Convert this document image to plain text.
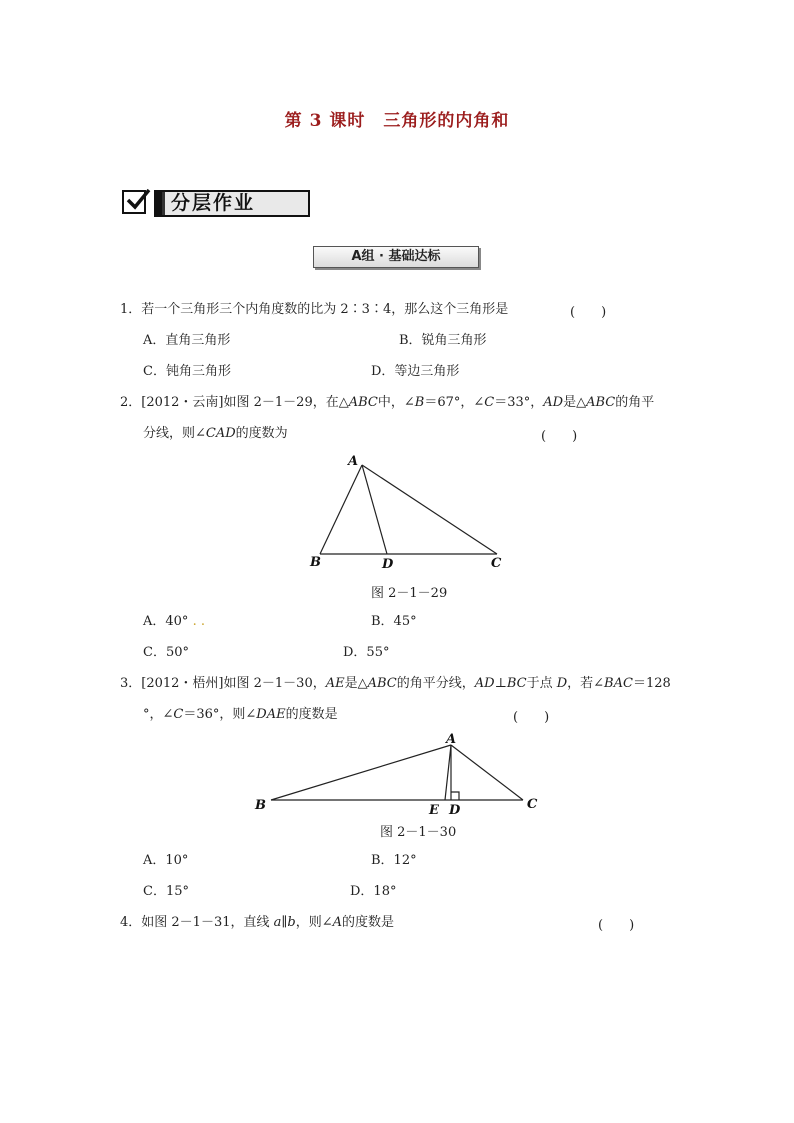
第 3 课时　三角形的内角和
分层作业
A组 · 基础达标
1．若一个三角形三个内角度数的比为 2∶3∶4，那么这个三角形是	(　　)
A．直角三角形	B．锐角三角形
C．钝角三角形	D．等边三角形
2．[2012・云南]如图 2－1－29，在△ABC中，∠B＝67°，∠C＝33°，AD是△ABC的角平
分线，则∠CAD的度数为	(　　)
A
B	D	C
图 2－1－29
A．40° . .	B．45°
C．50°	D．55°
3．[2012・梧州]如图 2－1－30，AE是△ABC的角平分线，AD⊥BC于点 D，若∠BAC＝128
°，∠C＝36°，则∠DAE的度数是	(　　)
A
B	E D	C
图 2－1－30
A．10°	B．12°
C．15°	D．18°
4．如图 2－1－31，直线 a∥b，则∠A的度数是	(　　)
